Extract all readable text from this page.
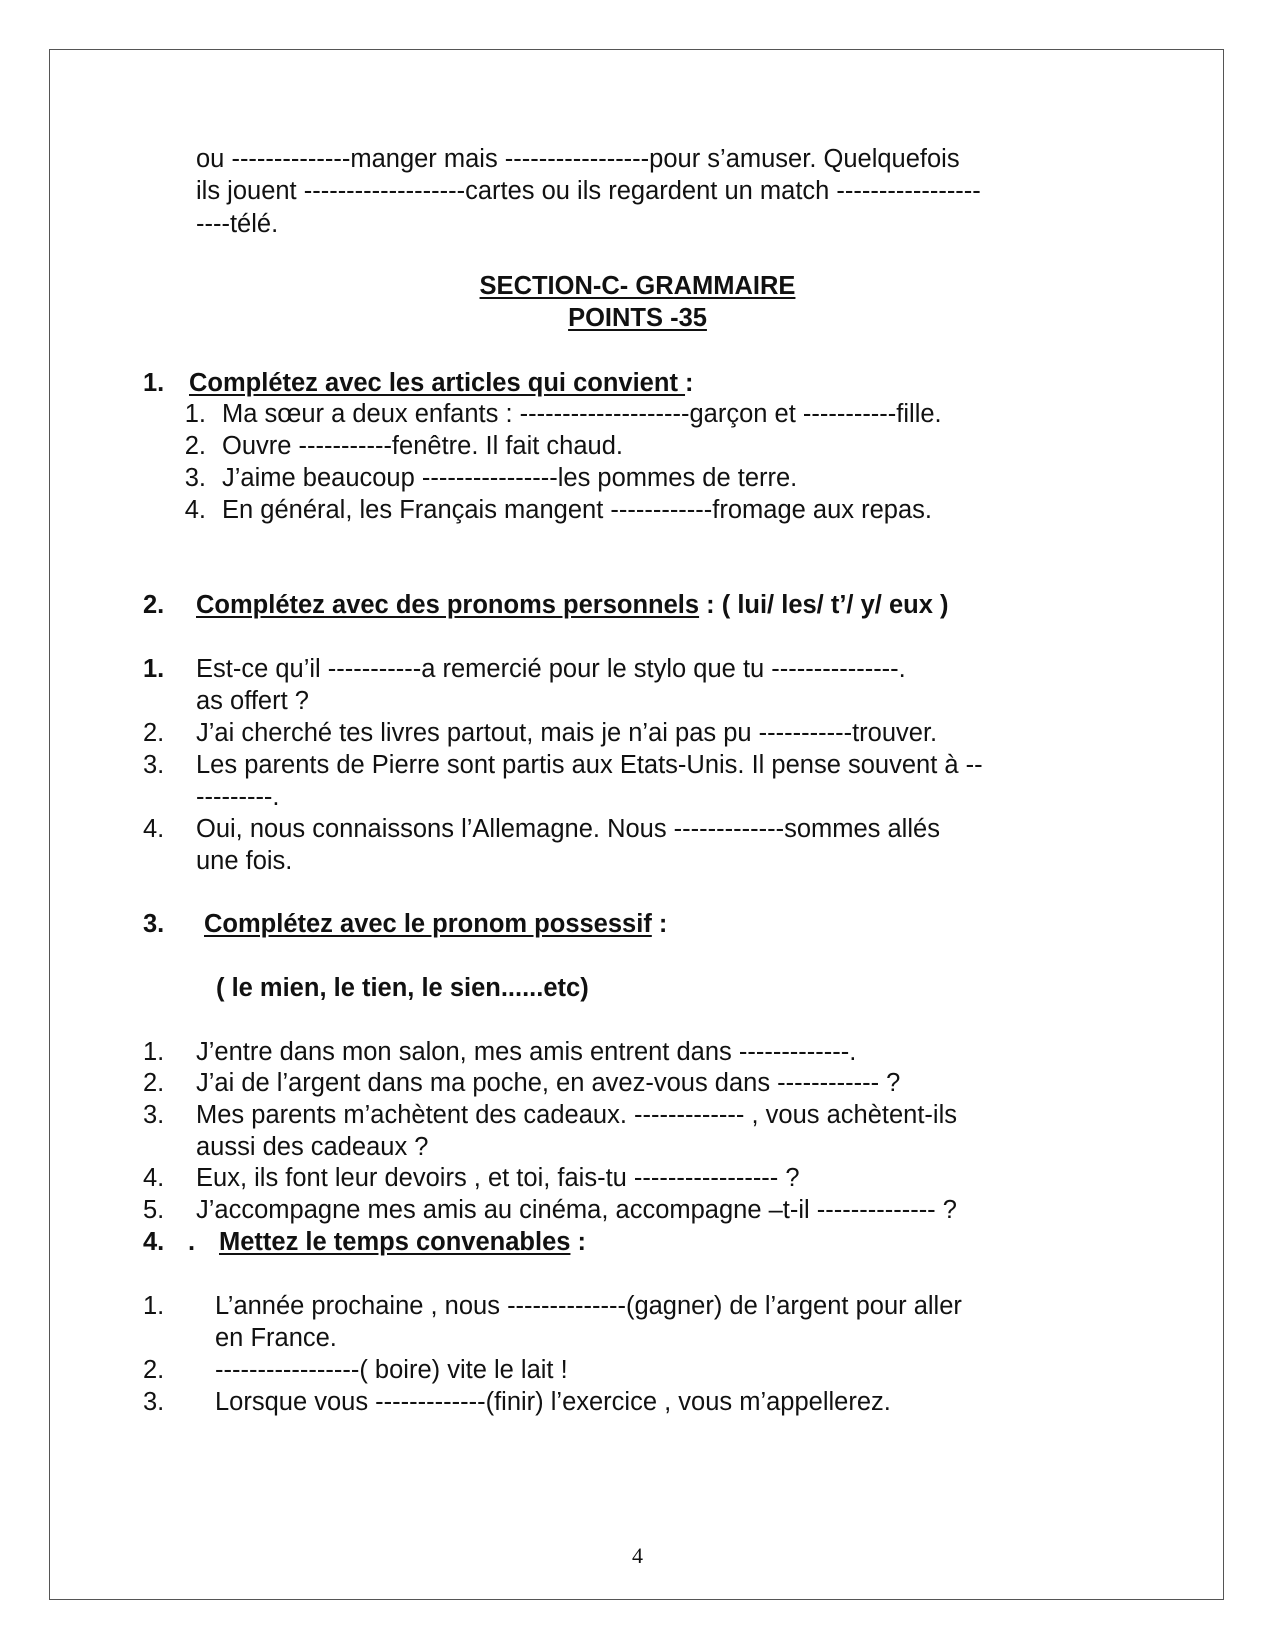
ou --------------manger mais -----------------pour s’amuser. Quelquefois
ils jouent -------------------cartes ou ils regardent un match -----------------
----télé.
SECTION-C- GRAMMAIRE
POINTS -35
1. Complétez avec les articles qui convient :
1. Ma sœur a deux enfants : --------------------garçon et -----------fille.
2. Ouvre -----------fenêtre. Il fait chaud.
3. J’aime beaucoup ----------------les pommes de terre.
4. En général, les Français mangent ------------fromage aux repas.
2. Complétez avec des pronoms personnels : ( lui/ les/ t’/ y/ eux )
1. Est-ce qu’il -----------a remercié pour le stylo que tu ---------------.
as offert ?
2. J’ai cherché tes livres partout, mais je n’ai pas pu -----------trouver.
3. Les parents de Pierre sont partis aux Etats-Unis. Il pense souvent à --
---------.
4. Oui, nous connaissons l’Allemagne. Nous -------------sommes allés
une fois.
3. Complétez avec le pronom possessif :
( le mien, le tien, le sien......etc)
1. J’entre dans mon salon, mes amis entrent dans -------------.
2. J’ai de l’argent dans ma poche, en avez-vous dans ------------ ?
3. Mes parents m’achètent des cadeaux. ------------- , vous achètent-ils
aussi des cadeaux ?
4. Eux, ils font leur devoirs , et toi, fais-tu ----------------- ?
5. J’accompagne mes amis au cinéma, accompagne –t-il -------------- ?
4. . Mettez le temps convenables :
1. L’année prochaine , nous --------------(gagner) de l’argent pour aller
en France.
2. -----------------( boire) vite le lait !
3. Lorsque vous -------------(finir) l’exercice , vous m’appellerez.
4
